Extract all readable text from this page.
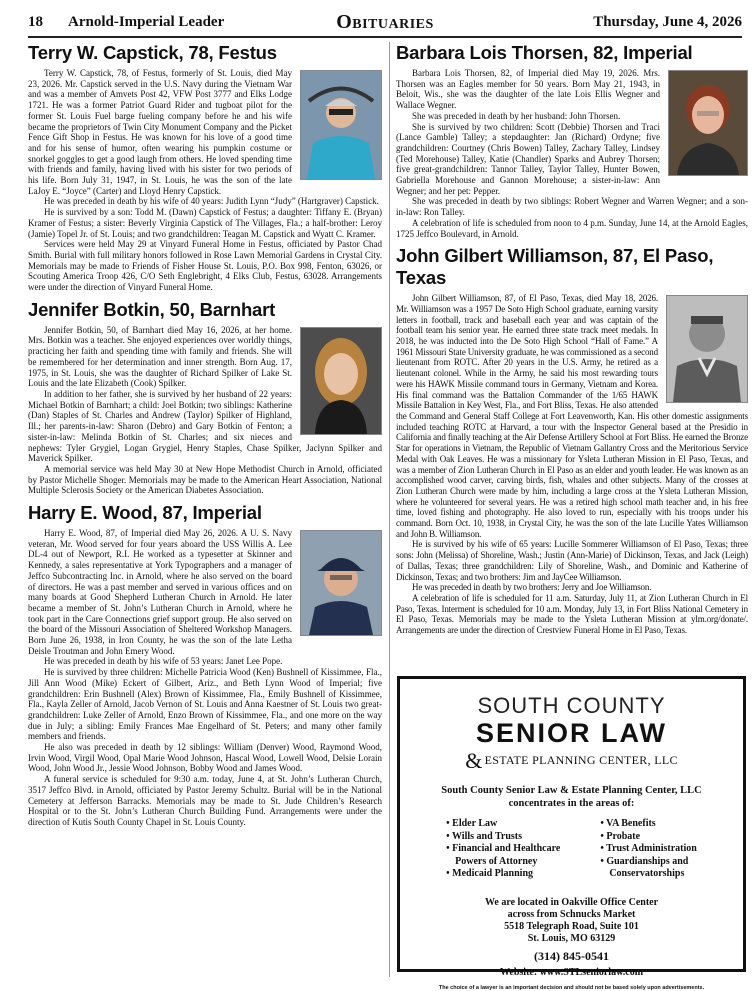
18	Arnold-Imperial Leader	Obituaries	Thursday, June 4, 2026
Terry W. Capstick, 78, Festus

Terry W. Capstick, 78, of Festus, formerly of St. Louis, died May 23, 2026. Mr. Capstick served in the U.S. Navy during the Vietnam War and was a member of Amvets Post 42, VFW Post 3777 and Elks Lodge 1721. He was a former Patriot Guard Rider and tugboat pilot for the former St. Louis Fuel barge fueling company before he and his wife became the proprietors of Twin City Monument Company and the Picket Fence Gift Shop in Festus. He was known for his love of a good time and for his sense of humor, often wearing his pumpkin costume or snorkel goggles to get a good laugh from others. He loved spending time with friends and family, having lived with his sister for two periods of his life. Born July 31, 1947, in St. Louis, he was the son of the late LaJoy E. “Joyce” (Carter) and Lloyd Henry Capstick.

He was preceded in death by his wife of 40 years: Judith Lynn “Judy” (Hartgraver) Capstick.

He is survived by a son: Todd M. (Dawn) Capstick of Festus; a daughter: Tiffany E. (Bryan) Kramer of Festus; a sister: Beverly Virginia Capstick of The Villages, Fla.; a half-brother: Leroy (Jamie) Topel Jr. of St. Louis; and two grandchildren: Teagan M. Capstick and Wyatt C. Kramer.

Services were held May 29 at Vinyard Funeral Home in Festus, officiated by Pastor Chad Smith. Burial with full military honors followed in Rose Lawn Memorial Gardens in Crystal City. Memorials may be made to Friends of Fisher House St. Louis, P.O. Box 998, Fenton, 63026, or Scouting America Troop 426, C/O Seth Englebright, 4 Elks Club, Festus, 63028. Arrangements were under the direction of Vinyard Funeral Home.

Jennifer Botkin, 50, Barnhart

Jennifer Botkin, 50, of Barnhart died May 16, 2026, at her home. Mrs. Botkin was a teacher. She enjoyed experiences over worldly things, practicing her faith and spending time with family and friends. She will be remembered for her determination and inner strength. Born Aug. 17, 1975, in St. Louis, she was the daughter of Richard Spilker of Lake St. Louis and the late Elizabeth (Cook) Spilker.

In addition to her father, she is survived by her husband of 22 years: Michael Botkin of Barnhart; a child: Joel Botkin; two siblings: Katherine (Dan) Staples of St. Charles and Andrew (Taylor) Spilker of Highland, Ill.; her parents-in-law: Sharon (Debro) and Gary Botkin of Fenton; a sister-in-law: Melinda Botkin of St. Charles; and six nieces and nephews: Tyler Grygiel, Logan Grygiel, Henry Staples, Chase Spilker, Jaclynn Spilker and Maverick Spilker.

A memorial service was held May 30 at New Hope Methodist Church in Arnold, officiated by Pastor Michelle Shoger. Memorials may be made to the American Heart Association, National Multiple Sclerosis Society or the American Diabetes Association.

Harry E. Wood, 87, Imperial

Harry E. Wood, 87, of Imperial died May 26, 2026. A U. S. Navy veteran, Mr. Wood served for four years aboard the USS Willis A. Lee DL-4 out of Newport, R.I. He worked as a typesetter at Skinner and Kennedy, a sales representative at York Typographers and a manager of Jeffco Subcontracting Inc. in Arnold, where he also served on the board of directors. He was a past member and served in various offices and on many boards at Good Shepherd Lutheran Church in Arnold. He later became a member of St. John’s Lutheran Church in Arnold, where he took part in the Care Connections grief support group. He also served on the board of the Missouri Association of Sheltered Workshop Managers. Born June 26, 1938, in Iron County, he was the son of the late Letha Deisle Troutman and John Emery Wood.

He was preceded in death by his wife of 53 years: Janet Lee Pope.

He is survived by three children: Michelle Patricia Wood (Ken) Bushnell of Kissimmee, Fla., Jill Ann Wood (Mike) Eckert of Gilbert, Ariz., and Beth Lynn Wood of Imperial; five grandchildren: Erin Bushnell (Alex) Brown of Kissimmee, Fla., Emily Bushnell of Kissimmee, Fla., Kayla Zeller of Arnold, Jacob Vernon of St. Louis and Anna Kaestner of St. Louis two great-grandchildren: Luke Zeller of Arnold, Enzo Brown of Kissimmee, Fla., and one more on the way due in July; a sibling: Emily Frances Mae Engelhard of St. Peters; and many other family members and friends.

He also was preceded in death by 12 siblings: William (Denver) Wood, Raymond Wood, Irvin Wood, Virgil Wood, Opal Marie Wood Johnson, Hascal Wood, Lowell Wood, Delsie Lorain Wood, John Wood Jr., Jessie Wood Johnson, Bobby Wood and James Wood.

A funeral service is scheduled for 9:30 a.m. today, June 4, at St. John’s Lutheran Church, 3517 Jeffco Blvd. in Arnold, officiated by Pastor Jeremy Schultz. Burial will be in the National Cemetery at Jefferson Barracks. Memorials may be made to St. Jude Children’s Research Hospital or to the St. John’s Lutheran Church Building Fund. Arrangements were under the direction of Kutis South County Chapel in St. Louis County.

Barbara Lois Thorsen, 82, Imperial

Barbara Lois Thorsen, 82, of Imperial died May 19, 2026. Mrs. Thorsen was an Eagles member for 50 years. Born May 21, 1943, in Beloit, Wis., she was the daughter of the late Lois Ellis Wegner and Wallace Wegner.

She was preceded in death by her husband: John Thorsen.

She is survived by two children: Scott (Debbie) Thorsen and Traci (Lance Gamble) Talley; a stepdaughter: Jan (Richard) Ordyne; five grandchildren: Courtney (Chris Bowen) Talley, Zachary Talley, Lindsey (Ted Morehouse) Talley, Katie (Chandler) Sparks and Aubrey Thorsen; five great-grandchildren: Tannor Talley, Taylor Talley, Hunter Bowen, Gabriella Morehouse and Gannon Morehouse; a sister-in-law: Ann Wegner; and her pet: Pepper.

She was preceded in death by two siblings: Robert Wegner and Warren Wegner; and a son-in-law: Ron Talley.

A celebration of life is scheduled from noon to 4 p.m. Sunday, June 14, at the Arnold Eagles, 1725 Jeffco Boulevard, in Arnold.

John Gilbert Williamson, 87, El Paso, Texas

John Gilbert Williamson, 87, of El Paso, Texas, died May 18, 2026. Mr. Williamson was a 1957 De Soto High School graduate, earning varsity letters in football, track and baseball each year and was captain of the football team his senior year. He earned three state track meet medals. In 2018, he was inducted into the De Soto High School “Hall of Fame.” A 1961 Missouri State University graduate, he was commissioned as a second lieutenant from ROTC. After 20 years in the U.S. Army, he retired as a lieutenant colonel. While in the Army, he said his most rewarding tours were his HAWK Missile command tours in Germany, Vietnam and Korea. His final command was the Battalion Commander of the 1/65 HAWK Missile Battalion in Key West, Fla., and Fort Bliss, Texas. He also attended the Command and General Staff College at Fort Leavenworth, Kan. His other domestic assignments included teaching ROTC at Harvard, a tour with the Inspector General based at the Presidio in California and finally teaching at the Air Defense Artillery School at Fort Bliss. He earned the Bronze Star for operations in Vietnam, the Republic of Vietnam Gallantry Cross and the Meritorious Service Medal with Oak Leaves. He was a missionary for Ysleta Lutheran Mission in El Paso, Texas, and was a member of Zion Lutheran Church in El Paso as an elder and youth leader. He was known as an accomplished wood carver, carving birds, fish, whales and other subjects. Many of the crosses at Zion Lutheran Church were made by him, including a large cross at the Ysleta Lutheran Mission, where he volunteered for several years. He was a retired high school math teacher and, in his free time, loved fishing and photography. He also loved to run, especially with his troops under his command. Born Oct. 10, 1938, in Crystal City, he was the son of the late Lucille Yates Williamson and John B. Williamson.

He is survived by his wife of 65 years: Lucille Sommerer Williamson of El Paso, Texas; three sons: John (Melissa) of Shoreline, Wash.; Justin (Ann-Marie) of Dickinson, Texas, and Jack (Leigh) of Dallas, Texas; three grandchildren: Lily of Shoreline, Wash., and Dominic and Katherine of Dickinson, Texas; and two brothers: Jim and JayCee Williamson.

He was preceded in death by two brothers: Jerry and Joe Williamson.

A celebration of life is scheduled for 11 a.m. Saturday, July 11, at Zion Lutheran Church in El Paso, Texas. Interment is scheduled for 10 a.m. Monday, July 13, in Fort Bliss National Cemetery in El Paso, Texas. Memorials may be made to the Ysleta Lutheran Mission at ylm.org/donate/. Arrangements are under the direction of Crestview Funeral Home in El Paso, Texas.

SOUTH COUNTY
SENIOR LAW
& ESTATE PLANNING CENTER, LLC
South County Senior Law & Estate Planning Center, LLC
concentrates in the areas of:
• Elder Law
• Wills and Trusts
• Financial and Healthcare
Powers of Attorney
• Medicaid Planning
• VA Benefits
• Probate
• Trust Administration
• Guardianships and
Conservatorships
We are located in Oakville Office Center
across from Schnucks Market
5518 Telegraph Road, Suite 101
St. Louis, MO 63129
(314) 845-0541
Website: www.STLseniorlaw.com
The choice of a lawyer is an important decision and should not be based solely upon advertisements.
